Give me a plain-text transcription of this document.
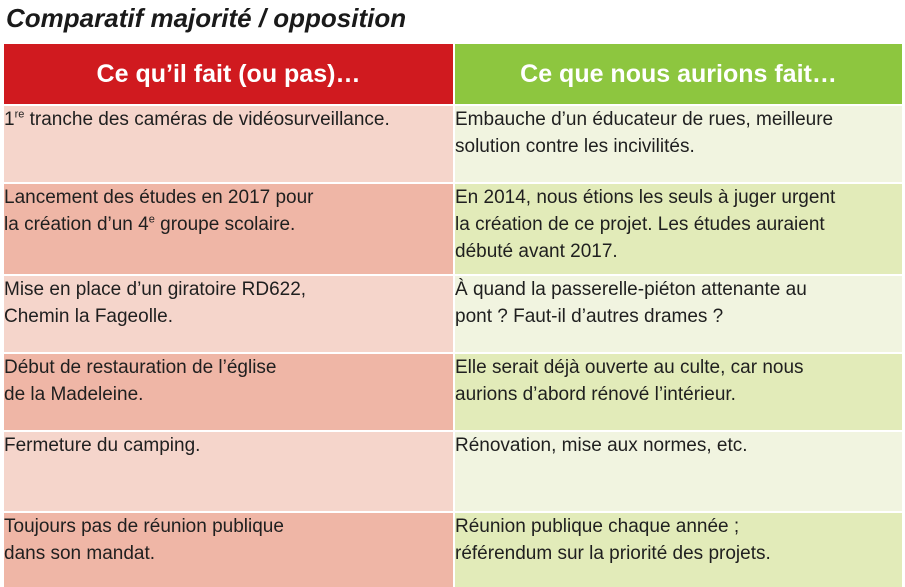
Comparatif majorité / opposition
Ce qu’il fait (ou pas)…	Ce que nous aurions fait…

1re tranche des caméras de vidéosurveillance.	Embauche d’un éducateur de rues, meilleure
solution contre les incivilités.

Lancement des études en 2017 pour
la création d’un 4e groupe scolaire.	En 2014, nous étions les seuls à juger urgent
la création de ce projet. Les études auraient
débuté avant 2017.

Mise en place d’un giratoire RD622,
Chemin la Fageolle.	À quand la passerelle-piéton attenante au
pont ? Faut-il d’autres drames ?

Début de restauration de l’église
de la Madeleine.	Elle serait déjà ouverte au culte, car nous
aurions d’abord rénové l’intérieur.

Fermeture du camping.	Rénovation, mise aux normes, etc.

Toujours pas de réunion publique
dans son mandat.	Réunion publique chaque année ;
référendum sur la priorité des projets.
